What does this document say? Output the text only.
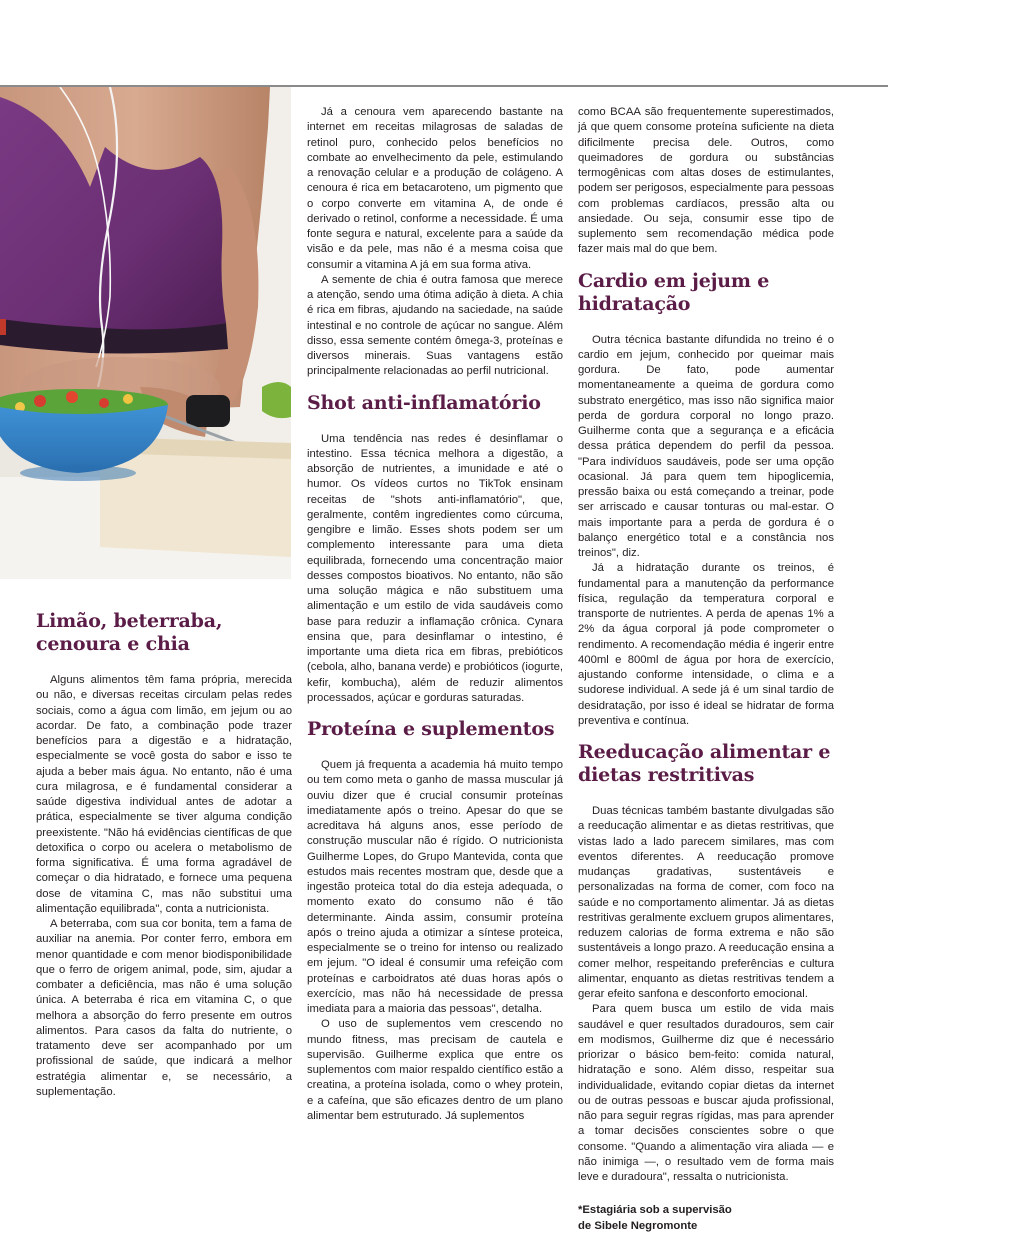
Limão, beterraba, cenoura e chia

Alguns alimentos têm fama própria, merecida ou não, e diversas receitas circulam pelas redes sociais, como a água com limão, em jejum ou ao acordar. De fato, a combinação pode trazer benefícios para a digestão e a hidratação, especialmente se você gosta do sabor e isso te ajuda a beber mais água. No entanto, não é uma cura milagrosa, e é fundamental considerar a saúde digestiva individual antes de adotar a prática, especialmente se tiver alguma condição preexistente. "Não há evidências científicas de que detoxifica o corpo ou acelera o metabolismo de forma significativa. É uma forma agradável de começar o dia hidratado, e fornece uma pequena dose de vitamina C, mas não substitui uma alimentação equilibrada", conta a nutricionista.

A beterraba, com sua cor bonita, tem a fama de auxiliar na anemia. Por conter ferro, embora em menor quantidade e com menor biodisponibilidade que o ferro de origem animal, pode, sim, ajudar a combater a deficiência, mas não é uma solução única. A beterraba é rica em vitamina C, o que melhora a absorção do ferro presente em outros alimentos. Para casos da falta do nutriente, o tratamento deve ser acompanhado por um profissional de saúde, que indicará a melhor estratégia alimentar e, se necessário, a suplementação.

Já a cenoura vem aparecendo bastante na internet em receitas milagrosas de saladas de retinol puro, conhecido pelos benefícios no combate ao envelhecimento da pele, estimulando a renovação celular e a produção de colágeno. A cenoura é rica em betacaroteno, um pigmento que o corpo converte em vitamina A, de onde é derivado o retinol, conforme a necessidade. É uma fonte segura e natural, excelente para a saúde da visão e da pele, mas não é a mesma coisa que consumir a vitamina A já em sua forma ativa.

A semente de chia é outra famosa que merece a atenção, sendo uma ótima adição à dieta. A chia é rica em fibras, ajudando na saciedade, na saúde intestinal e no controle de açúcar no sangue. Além disso, essa semente contém ômega-3, proteínas e diversos minerais. Suas vantagens estão principalmente relacionadas ao perfil nutricional.

Shot anti-inflamatório

Uma tendência nas redes é desinflamar o intestino. Essa técnica melhora a digestão, a absorção de nutrientes, a imunidade e até o humor. Os vídeos curtos no TikTok ensinam receitas de "shots anti-inflamatório", que, geralmente, contêm ingredientes como cúrcuma, gengibre e limão. Esses shots podem ser um complemento interessante para uma dieta equilibrada, fornecendo uma concentração maior desses compostos bioativos. No entanto, não são uma solução mágica e não substituem uma alimentação e um estilo de vida saudáveis como base para reduzir a inflamação crônica. Cynara ensina que, para desinflamar o intestino, é importante uma dieta rica em fibras, prebióticos (cebola, alho, banana verde) e probióticos (iogurte, kefir, kombucha), além de reduzir alimentos processados, açúcar e gorduras saturadas.

Proteína e suplementos

Quem já frequenta a academia há muito tempo ou tem como meta o ganho de massa muscular já ouviu dizer que é crucial consumir proteínas imediatamente após o treino. Apesar do que se acreditava há alguns anos, esse período de construção muscular não é rígido. O nutricionista Guilherme Lopes, do Grupo Mantevida, conta que estudos mais recentes mostram que, desde que a ingestão proteica total do dia esteja adequada, o momento exato do consumo não é tão determinante. Ainda assim, consumir proteína após o treino ajuda a otimizar a síntese proteica, especialmente se o treino for intenso ou realizado em jejum. "O ideal é consumir uma refeição com proteínas e carboidratos até duas horas após o exercício, mas não há necessidade de pressa imediata para a maioria das pessoas", detalha.

O uso de suplementos vem crescendo no mundo fitness, mas precisam de cautela e supervisão. Guilherme explica que entre os suplementos com maior respaldo científico estão a creatina, a proteína isolada, como o whey protein, e a cafeína, que são eficazes dentro de um plano alimentar bem estruturado. Já suplementos

como BCAA são frequentemente superestimados, já que quem consome proteína suficiente na dieta dificilmente precisa dele. Outros, como queimadores de gordura ou substâncias termogênicas com altas doses de estimulantes, podem ser perigosos, especialmente para pessoas com problemas cardíacos, pressão alta ou ansiedade. Ou seja, consumir esse tipo de suplemento sem recomendação médica pode fazer mais mal do que bem.

Cardio em jejum e hidratação

Outra técnica bastante difundida no treino é o cardio em jejum, conhecido por queimar mais gordura. De fato, pode aumentar momentaneamente a queima de gordura como substrato energético, mas isso não significa maior perda de gordura corporal no longo prazo. Guilherme conta que a segurança e a eficácia dessa prática dependem do perfil da pessoa. "Para indivíduos saudáveis, pode ser uma opção ocasional. Já para quem tem hipoglicemia, pressão baixa ou está começando a treinar, pode ser arriscado e causar tonturas ou mal-estar. O mais importante para a perda de gordura é o balanço energético total e a constância nos treinos", diz.

Já a hidratação durante os treinos, é fundamental para a manutenção da performance física, regulação da temperatura corporal e transporte de nutrientes. A perda de apenas 1% a 2% da água corporal já pode comprometer o rendimento. A recomendação média é ingerir entre 400ml e 800ml de água por hora de exercício, ajustando conforme intensidade, o clima e a sudorese individual. A sede já é um sinal tardio de desidratação, por isso é ideal se hidratar de forma preventiva e contínua.

Reeducação alimentar e dietas restritivas

Duas técnicas também bastante divulgadas são a reeducação alimentar e as dietas restritivas, que vistas lado a lado parecem similares, mas com eventos diferentes. A reeducação promove mudanças gradativas, sustentáveis e personalizadas na forma de comer, com foco na saúde e no comportamento alimentar. Já as dietas restritivas geralmente excluem grupos alimentares, reduzem calorias de forma extrema e não são sustentáveis a longo prazo. A reeducação ensina a comer melhor, respeitando preferências e cultura alimentar, enquanto as dietas restritivas tendem a gerar efeito sanfona e desconforto emocional.

Para quem busca um estilo de vida mais saudável e quer resultados duradouros, sem cair em modismos, Guilherme diz que é necessário priorizar o básico bem-feito: comida natural, hidratação e sono. Além disso, respeitar sua individualidade, evitando copiar dietas da internet ou de outras pessoas e buscar ajuda profissional, não para seguir regras rígidas, mas para aprender a tomar decisões conscientes sobre o que consome. "Quando a alimentação vira aliada — e não inimiga —, o resultado vem de forma mais leve e duradoura", ressalta o nutricionista.

*Estagiária sob a supervisão
de Sibele Negromonte
